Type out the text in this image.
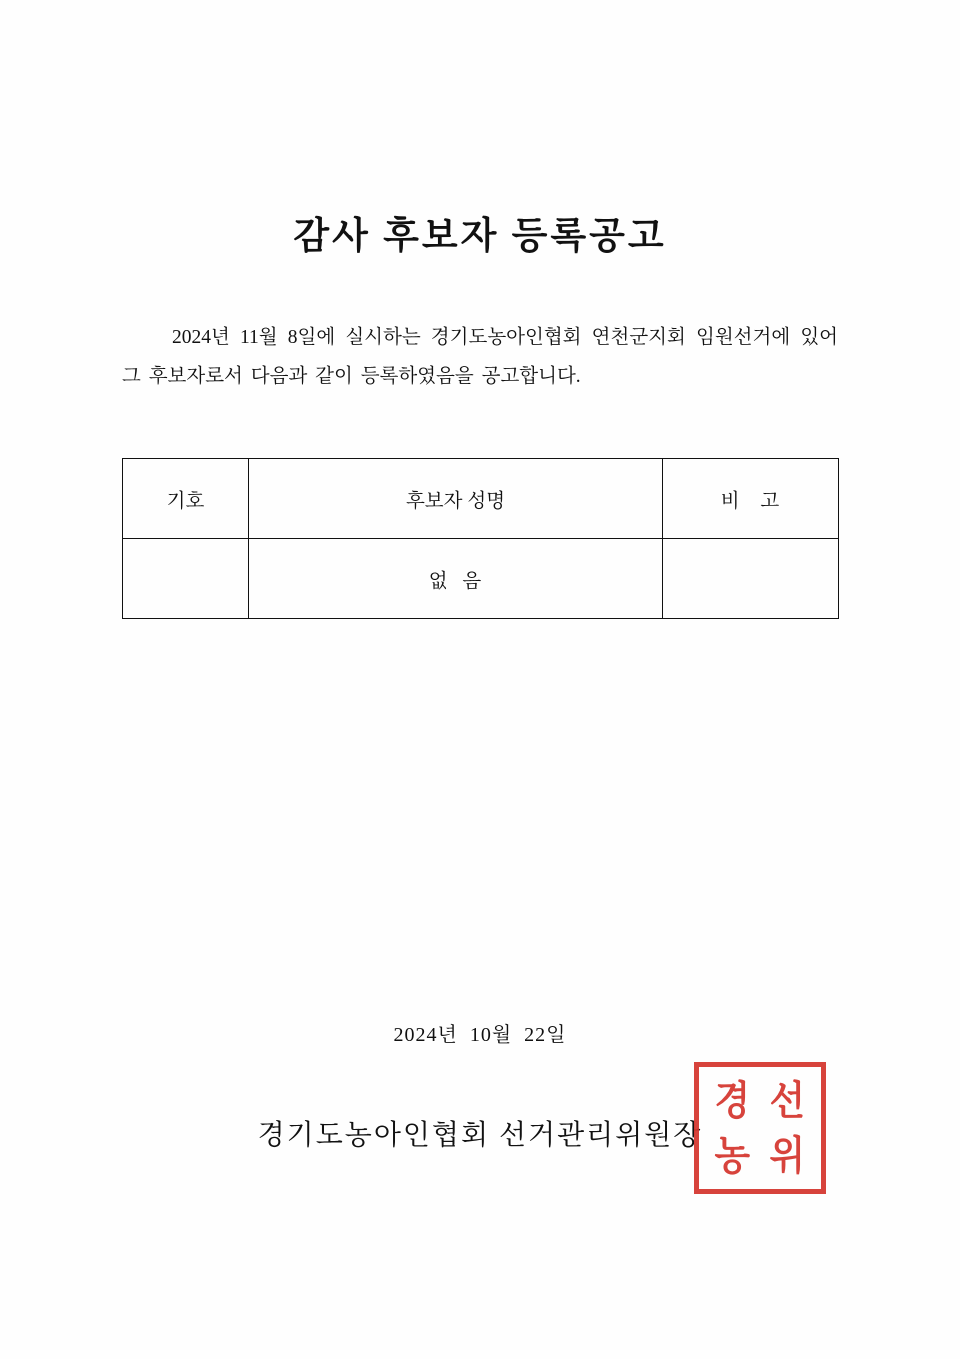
감사 후보자 등록공고
2024년 11월 8일에 실시하는 경기도농아인협회 연천군지회 임원선거에 있어 그 후보자로서 다음과 같이 등록하였음을 공고합니다.
기호	후보자 성명	비 고
	없 음	
2024년 10월 22일
경기도농아인협회 선거관리위원장
경 선
농 위
